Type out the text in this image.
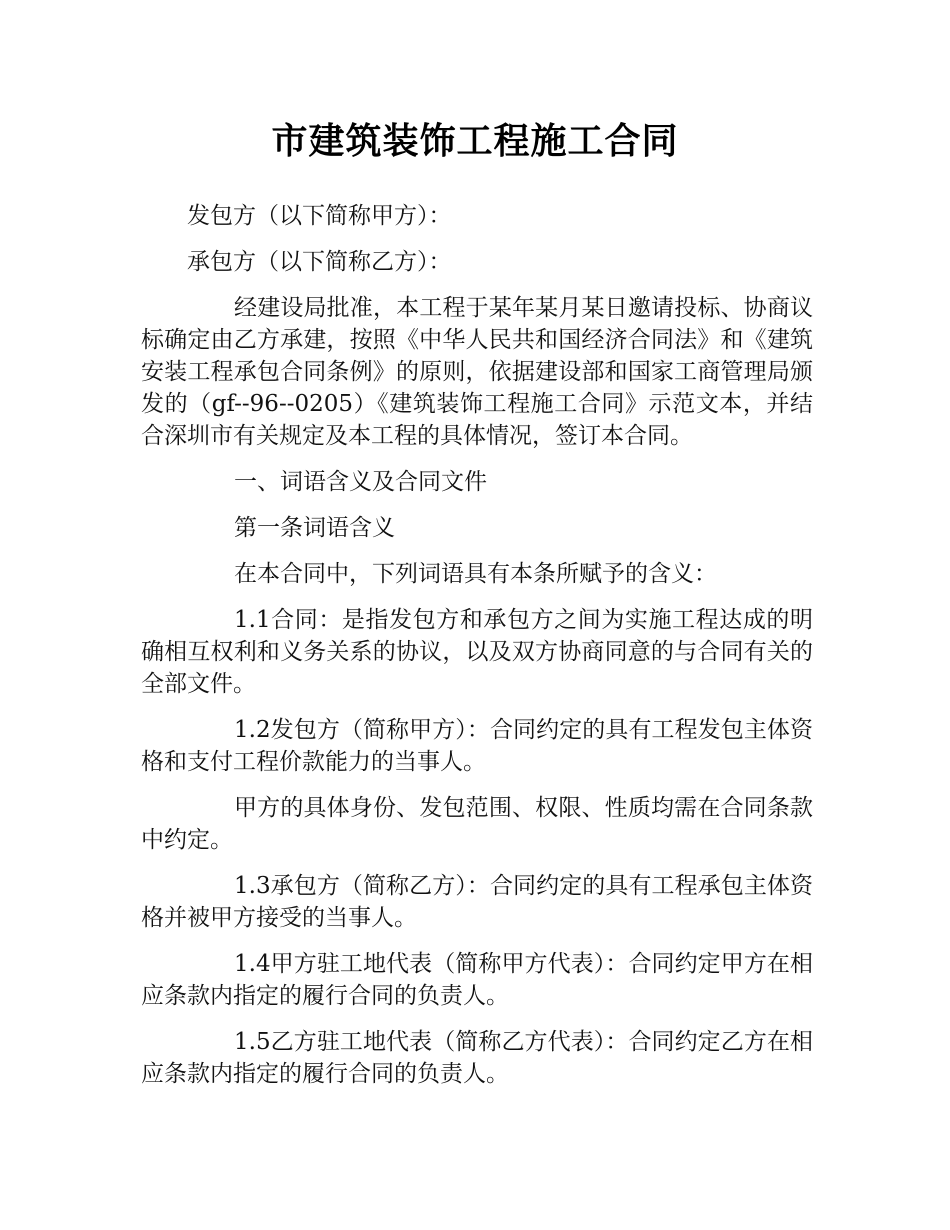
市建筑装饰工程施工合同

发包方（以下简称甲方）：

承包方（以下简称乙方）：

经建设局批准，本工程于某年某月某日邀请投标、协商议标确定由乙方承建，按照《中华人民共和国经济合同法》和《建筑安装工程承包合同条例》的原则，依据建设部和国家工商管理局颁发的（gf--96--0205）《建筑装饰工程施工合同》示范文本，并结合深圳市有关规定及本工程的具体情况，签订本合同。

一、词语含义及合同文件

第一条词语含义

在本合同中，下列词语具有本条所赋予的含义：

1.1合同：是指发包方和承包方之间为实施工程达成的明确相互权利和义务关系的协议，以及双方协商同意的与合同有关的全部文件。

1.2发包方（简称甲方）：合同约定的具有工程发包主体资格和支付工程价款能力的当事人。

甲方的具体身份、发包范围、权限、性质均需在合同条款中约定。

1.3承包方（简称乙方）：合同约定的具有工程承包主体资格并被甲方接受的当事人。

1.4甲方驻工地代表（简称甲方代表）：合同约定甲方在相应条款内指定的履行合同的负责人。

1.5乙方驻工地代表（简称乙方代表）：合同约定乙方在相应条款内指定的履行合同的负责人。
